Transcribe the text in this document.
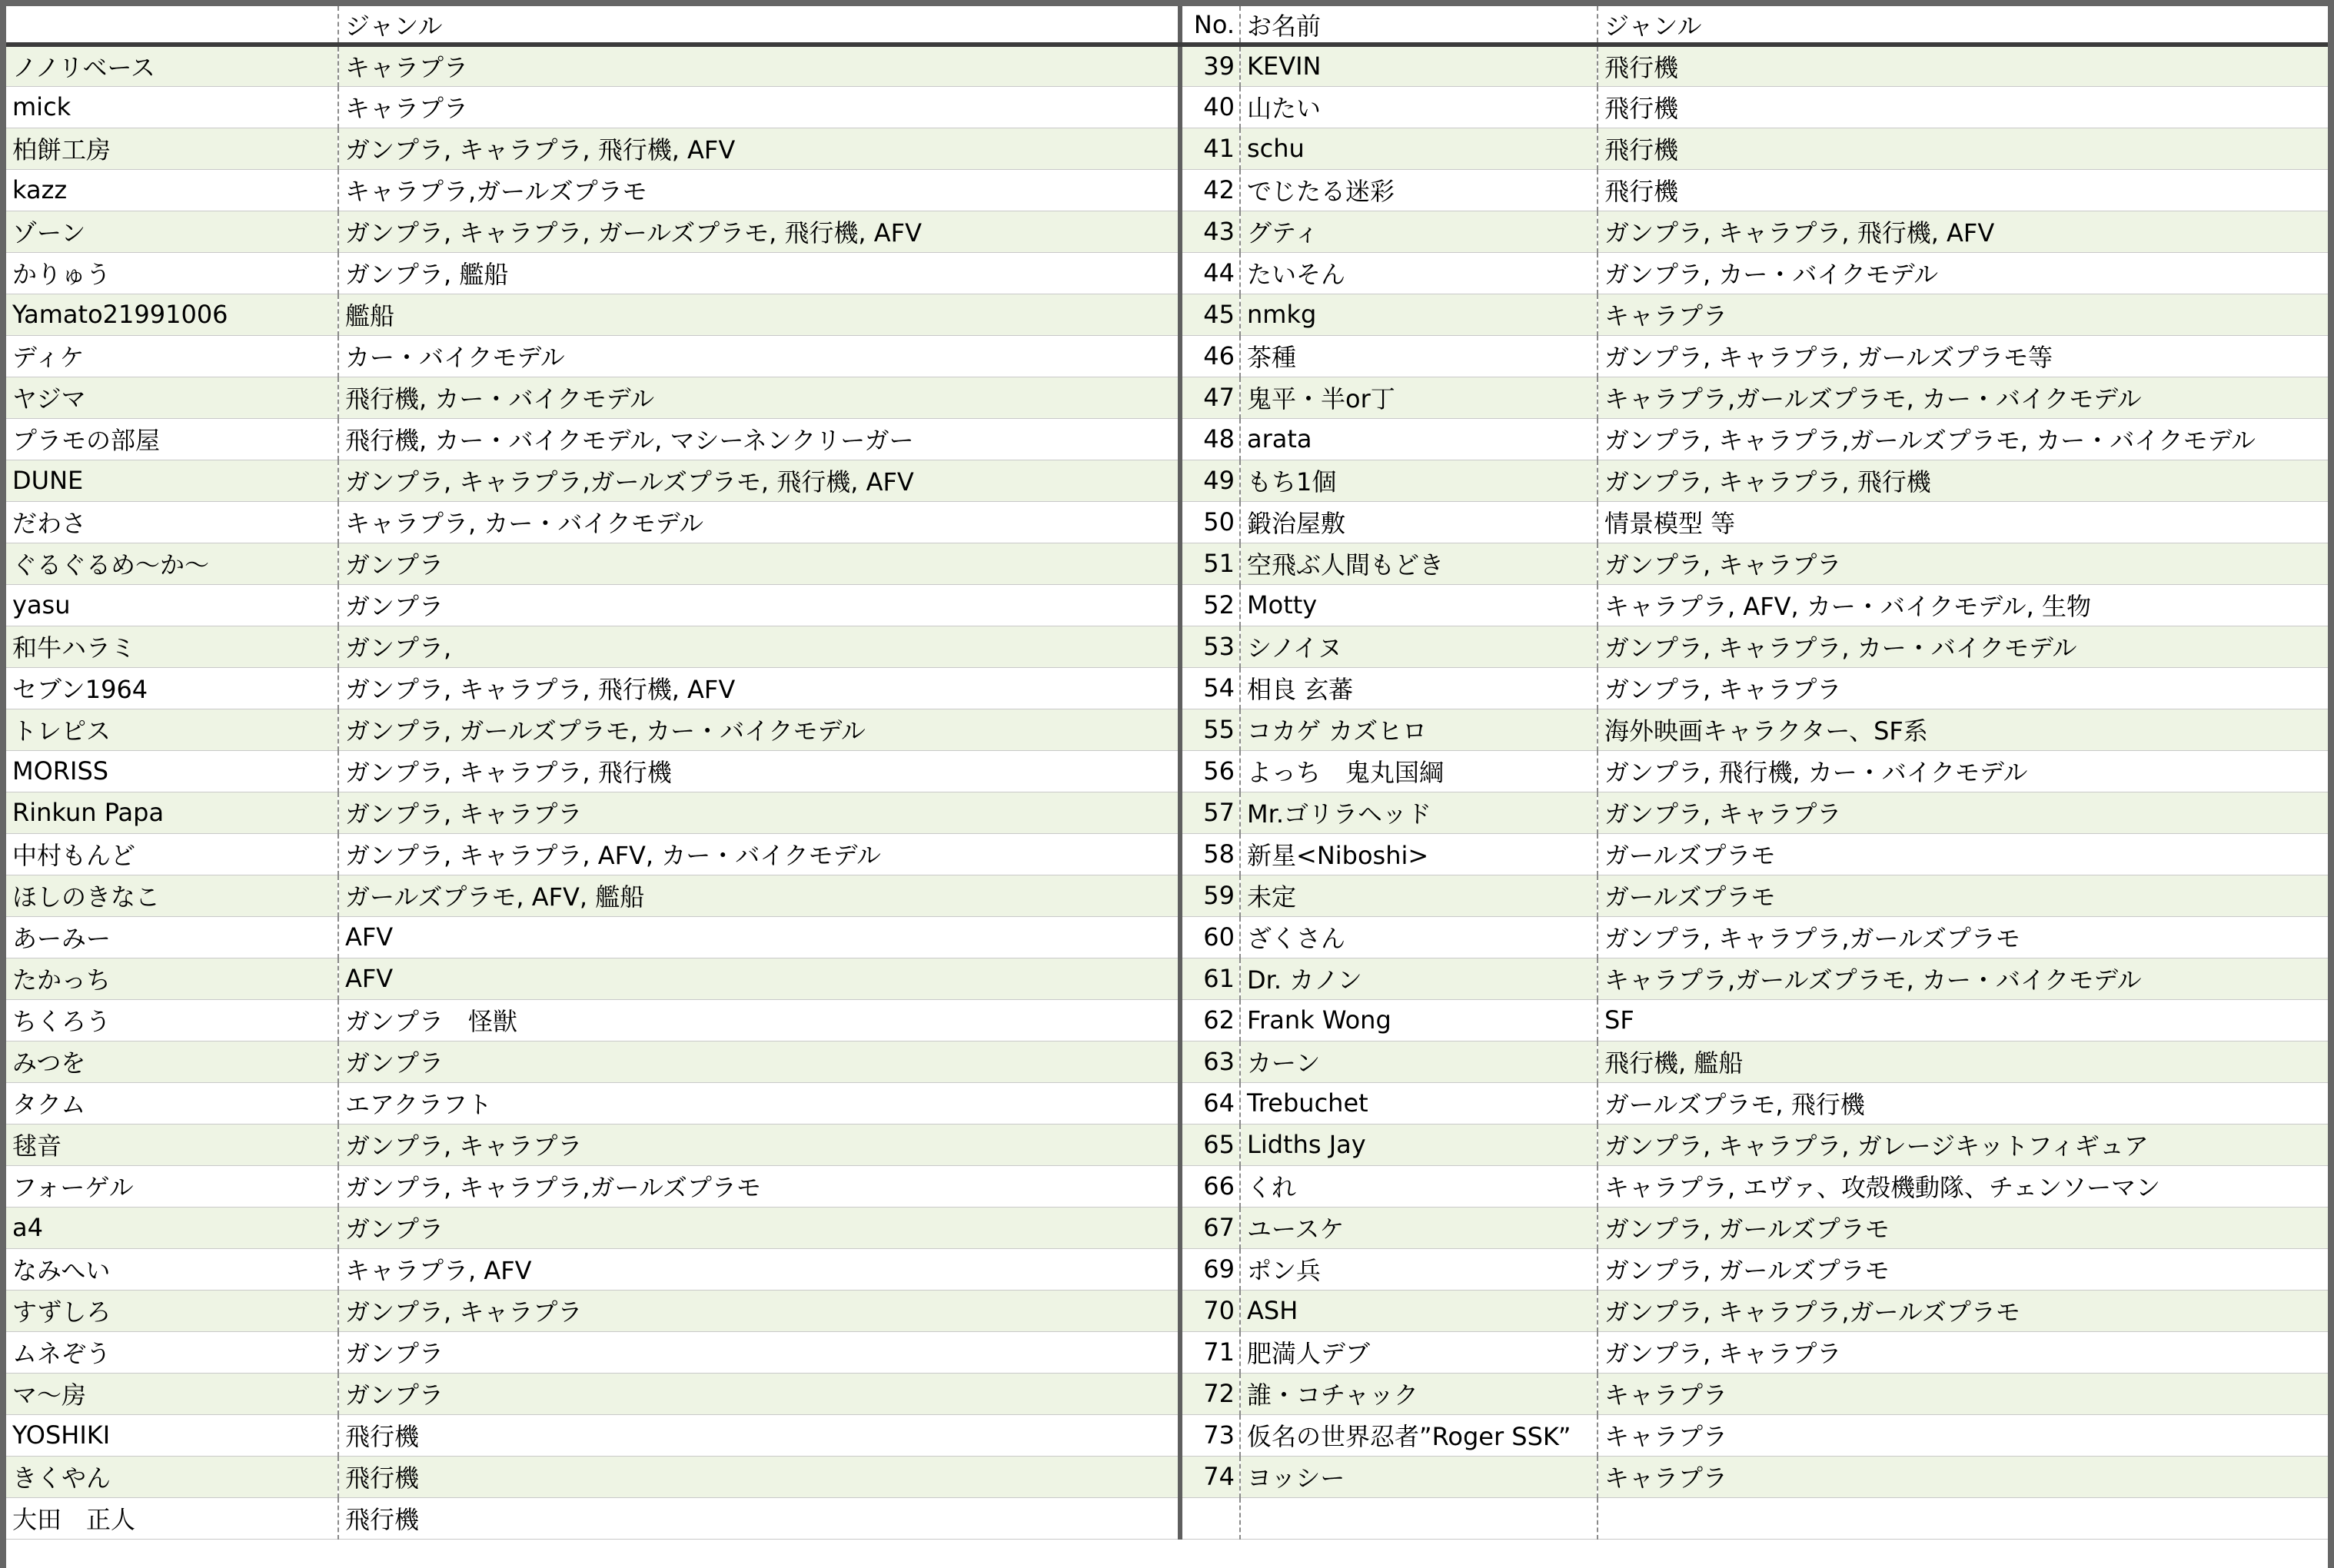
	ジャンル	No.	お名前	ジャンル
ノノリベース	キャラプラ	39	KEVIN	飛行機
mick	キャラプラ	40	山たい	飛行機
柏餅工房	ガンプラ, キャラプラ, 飛行機, AFV	41	schu	飛行機
kazz	キャラプラ,ガールズプラモ	42	でじたる迷彩	飛行機
ゾーン	ガンプラ, キャラプラ, ガールズプラモ, 飛行機, AFV	43	グティ	ガンプラ, キャラプラ, 飛行機, AFV
かりゅう	ガンプラ, 艦船	44	たいそん	ガンプラ, カー・バイクモデル
Yamato21991006	艦船	45	nmkg	キャラプラ
ディケ	カー・バイクモデル	46	茶種	ガンプラ, キャラプラ, ガールズプラモ等
ヤジマ	飛行機, カー・バイクモデル	47	鬼平・半or丁	キャラプラ,ガールズプラモ, カー・バイクモデル
プラモの部屋	飛行機, カー・バイクモデル, マシーネンクリーガー	48	arata	ガンプラ, キャラプラ,ガールズプラモ, カー・バイクモデル
DUNE	ガンプラ, キャラプラ,ガールズプラモ, 飛行機, AFV	49	もち1個	ガンプラ, キャラプラ, 飛行機
だわさ	キャラプラ, カー・バイクモデル	50	鍛治屋敷	情景模型 等
ぐるぐるめ～か～	ガンプラ	51	空飛ぶ人間もどき	ガンプラ, キャラプラ
yasu	ガンプラ	52	Motty	キャラプラ, AFV, カー・バイクモデル, 生物
和牛ハラミ	ガンプラ,	53	シノイヌ	ガンプラ, キャラプラ, カー・バイクモデル
セブン1964	ガンプラ, キャラプラ, 飛行機, AFV	54	相良 玄蕃	ガンプラ, キャラプラ
トレピス	ガンプラ, ガールズプラモ, カー・バイクモデル	55	コカゲ カズヒロ	海外映画キャラクター、SF系
MORISS	ガンプラ, キャラプラ, 飛行機	56	よっち　鬼丸国綱	ガンプラ, 飛行機, カー・バイクモデル
Rinkun Papa	ガンプラ, キャラプラ	57	Mr.ゴリラヘッド	ガンプラ, キャラプラ
中村もんど	ガンプラ, キャラプラ, AFV, カー・バイクモデル	58	新星<Niboshi>	ガールズプラモ
ほしのきなこ	ガールズプラモ, AFV, 艦船	59	未定	ガールズプラモ
あーみー	AFV	60	ざくさん	ガンプラ, キャラプラ,ガールズプラモ
たかっち	AFV	61	Dr. カノン	キャラプラ,ガールズプラモ, カー・バイクモデル
ちくろう	ガンプラ　怪獣	62	Frank Wong	SF
みつを	ガンプラ	63	カーン	飛行機, 艦船
タクム	エアクラフト	64	Trebuchet	ガールズプラモ, 飛行機
毬音	ガンプラ, キャラプラ	65	Lidths Jay	ガンプラ, キャラプラ, ガレージキットフィギュア
フォーゲル	ガンプラ, キャラプラ,ガールズプラモ	66	くれ	キャラプラ, エヴァ、攻殻機動隊、チェンソーマン
a4	ガンプラ	67	ユースケ	ガンプラ, ガールズプラモ
なみへい	キャラプラ, AFV	69	ポン兵	ガンプラ, ガールズプラモ
すずしろ	ガンプラ, キャラプラ	70	ASH	ガンプラ, キャラプラ,ガールズプラモ
ムネぞう	ガンプラ	71	肥満人デブ	ガンプラ, キャラプラ
マ～房	ガンプラ	72	誰・コチャック	キャラプラ
YOSHIKI	飛行機	73	仮名の世界忍者”Roger SSK”	キャラプラ
きくやん	飛行機	74	ヨッシー	キャラプラ
大田　正人	飛行機			
